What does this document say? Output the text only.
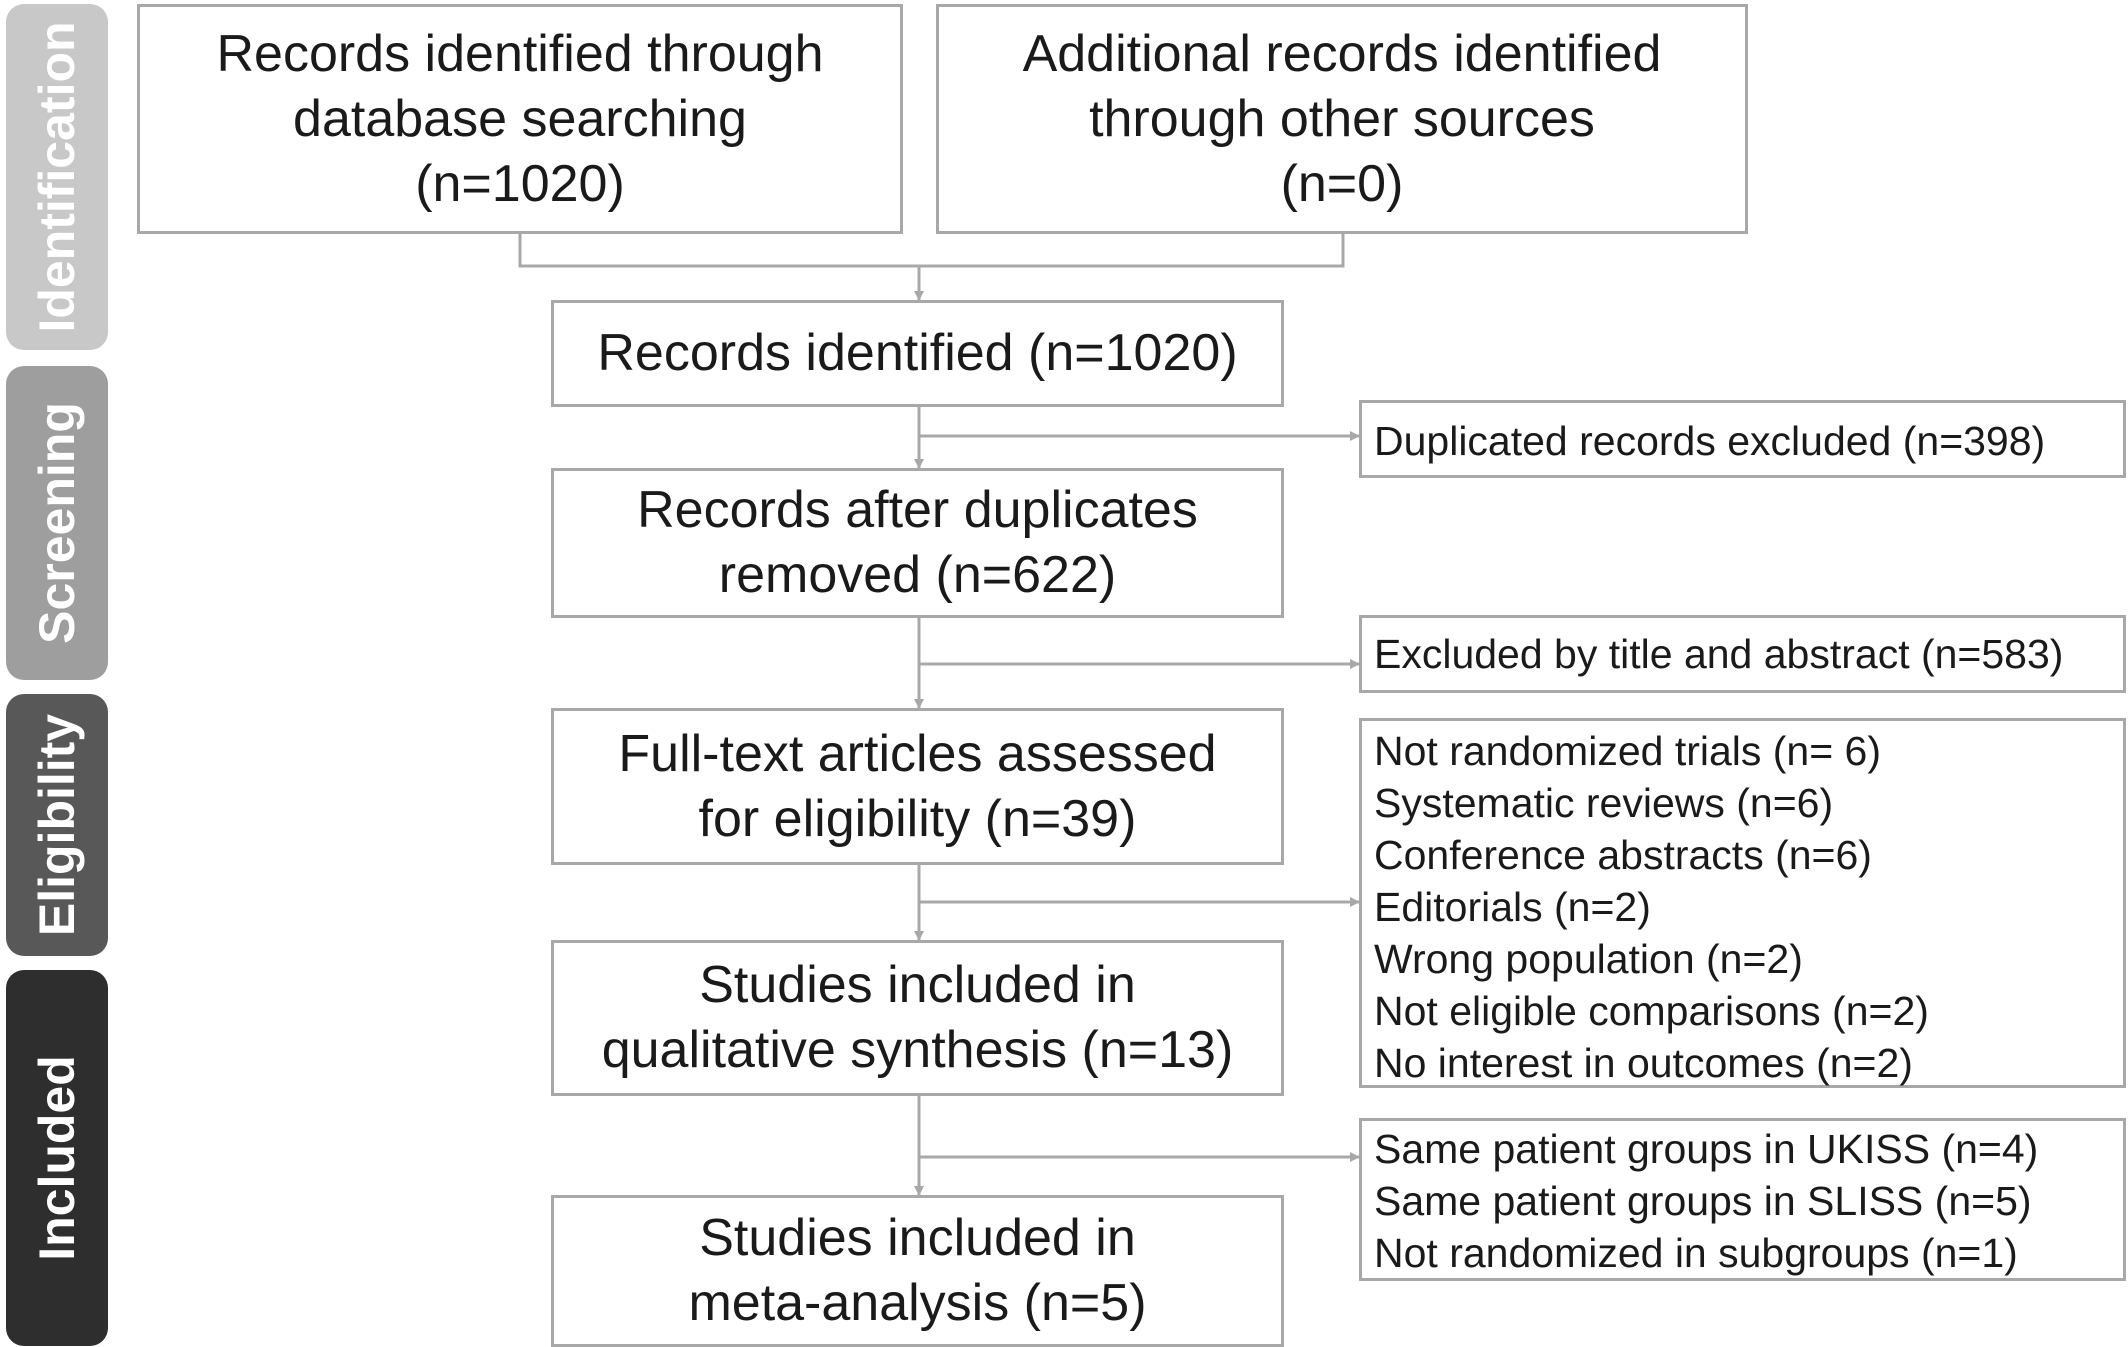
Identification
Screening
Eligibility
Included
Records identified through
database searching
(n=1020)
Additional records identified
through other sources
(n=0)
Records identified (n=1020)
Records after duplicates
removed (n=622)
Full-text articles assessed
for eligibility (n=39)
Studies included in
qualitative synthesis (n=13)
Studies included in
meta-analysis (n=5)
Duplicated records excluded (n=398)
Excluded by title and abstract (n=583)
Not randomized trials (n= 6)
Systematic reviews (n=6)
Conference abstracts (n=6)
Editorials (n=2)
Wrong population (n=2)
Not eligible comparisons (n=2)
No interest in outcomes (n=2)
Same patient groups in UKISS (n=4)
Same patient groups in SLISS (n=5)
Not randomized in subgroups (n=1)
